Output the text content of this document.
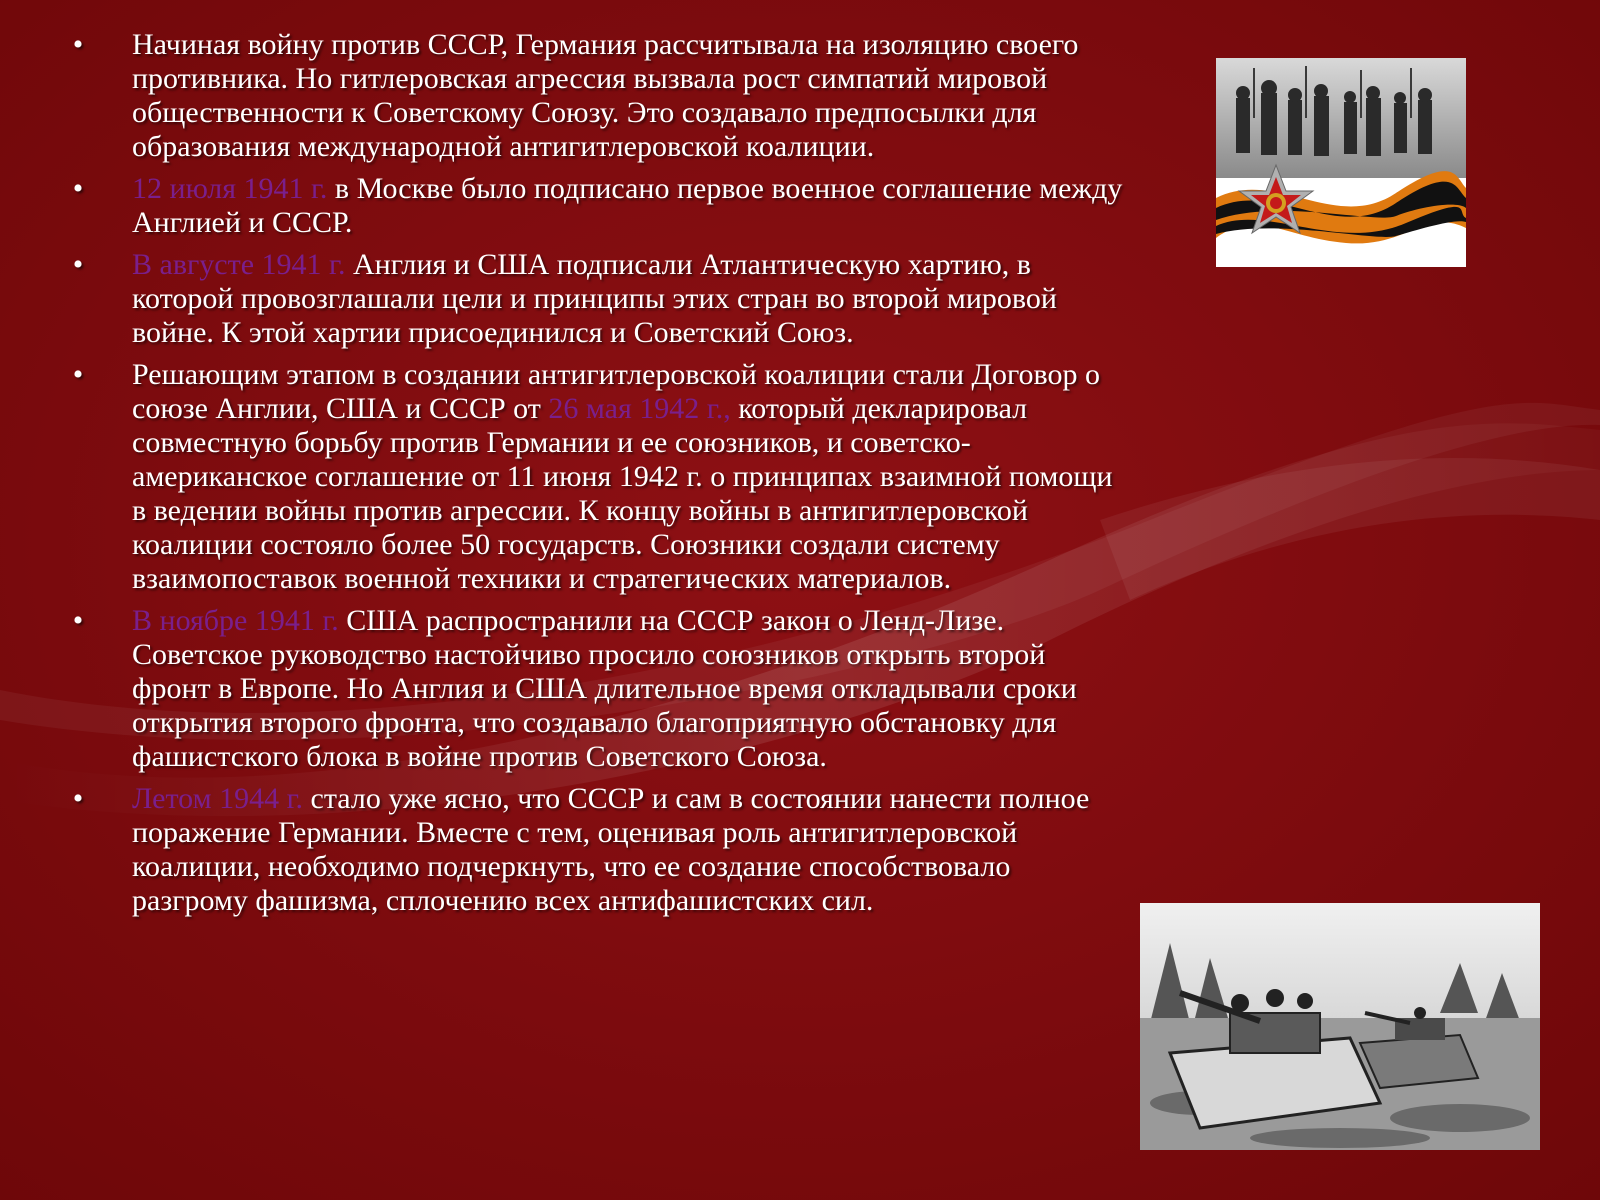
• Начиная войну против СССР, Германия рассчитывала на изоляцию своего противника. Но гитлеровская агрессия вызвала рост симпатий мировой общественности к Советскому Союзу. Это создавало предпосылки для образования международной антигитлеровской коалиции.
• 12 июля 1941 г. в Москве было подписано первое военное соглашение между Англией и СССР.
• В августе 1941 г. Англия и США подписали Атлантическую хартию, в которой провозглашали цели и принципы этих стран во второй мировой войне. К этой хартии присоединился и Советский Союз.
• Решающим этапом в создании антигитлеровской коалиции стали Договор о союзе Англии, США и СССР от 26 мая 1942 г., который декларировал совместную борьбу против Германии и ее союзников, и советско-американское соглашение от 11 июня 1942 г. о принципах взаимной помощи в ведении войны против агрессии. К концу войны в антигитлеровской коалиции состояло более 50 государств. Союзники создали систему взаимопоставок военной техники и стратегических материалов.
• В ноябре 1941 г. США распространили на СССР закон о Ленд-Лизе. Советское руководство настойчиво просило союзников открыть второй фронт в Европе. Но Англия и США длительное время откладывали сроки открытия второго фронта, что создавало благоприятную обстановку для фашистского блока в войне против Советского Союза.
• Летом 1944 г. стало уже ясно, что СССР и сам в состоянии нанести полное поражение Германии. Вместе с тем, оценивая роль антигитлеровской коалиции, необходимо подчеркнуть, что ее создание способствовало разгрому фашизма, сплочению всех антифашистских сил.
